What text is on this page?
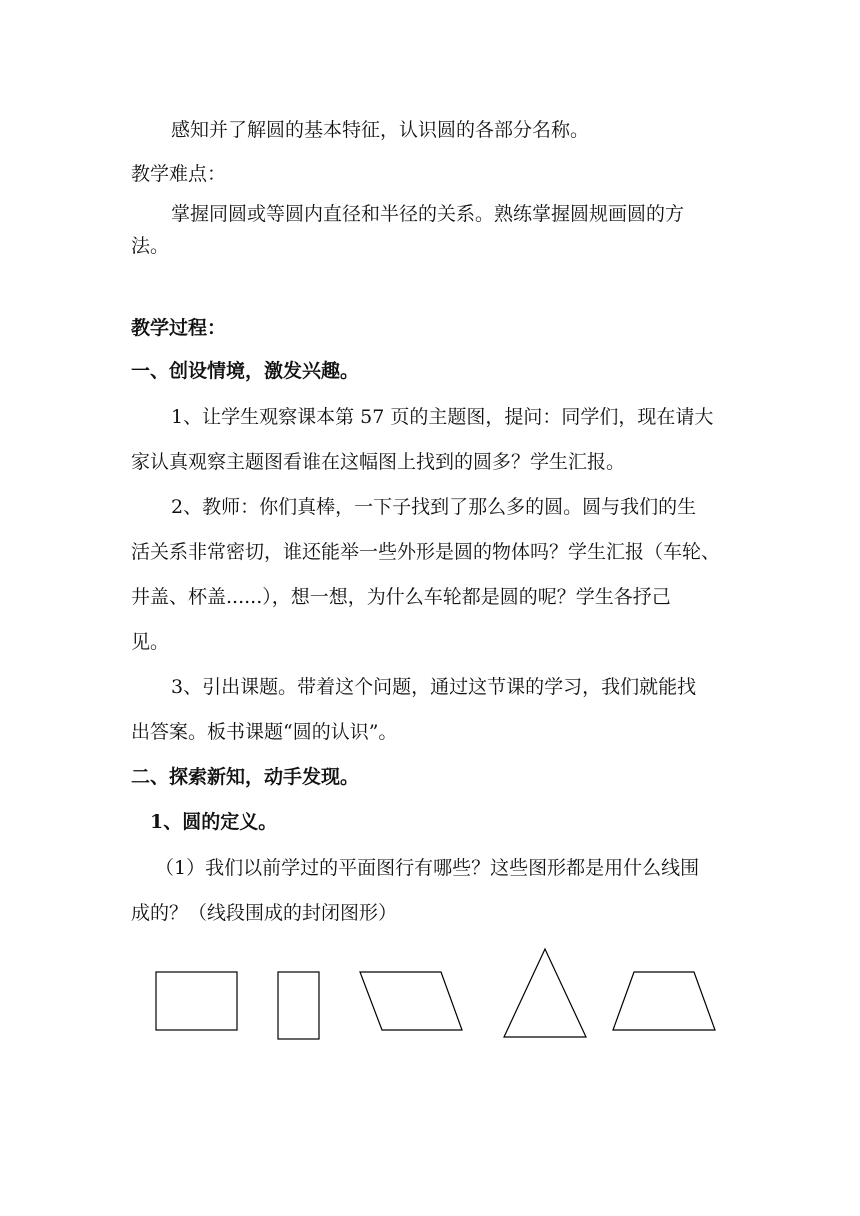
感知并了解圆的基本特征，认识圆的各部分名称。
教学难点：
掌握同圆或等圆内直径和半径的关系。熟练掌握圆规画圆的方
法。
教学过程：
一、创设情境，激发兴趣。
1、让学生观察课本第 57 页的主题图，提问：同学们，现在请大
家认真观察主题图看谁在这幅图上找到的圆多？学生汇报。
2、教师：你们真棒，一下子找到了那么多的圆。圆与我们的生
活关系非常密切，谁还能举一些外形是圆的物体吗？学生汇报（车轮、
井盖、杯盖......），想一想，为什么车轮都是圆的呢？学生各抒己
见。
3、引出课题。带着这个问题，通过这节课的学习，我们就能找
出答案。板书课题“圆的认识”。
二、探索新知，动手发现。
1、圆的定义。
（1）我们以前学过的平面图行有哪些？这些图形都是用什么线围
成的？（线段围成的封闭图形）
